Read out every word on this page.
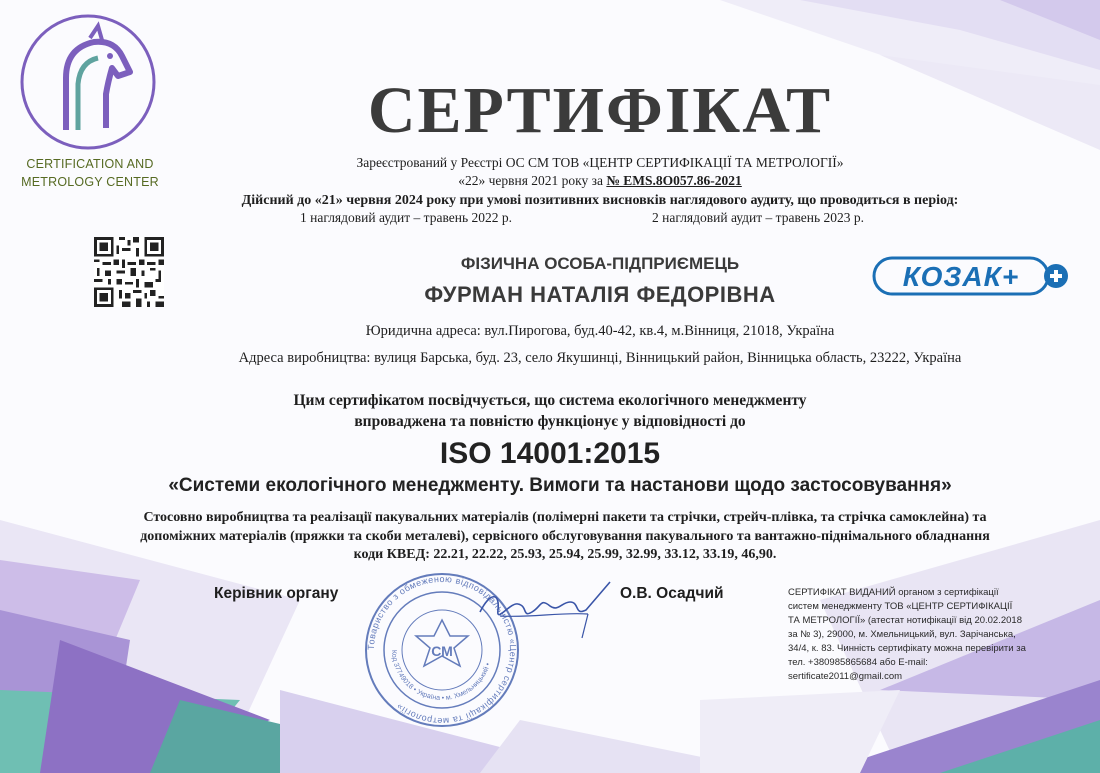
CERTIFICATION AND
METROLOGY CENTER
СЕРТИФІКАТ
Зареєстрований у Реєстрі ОС СМ ТОВ «ЦЕНТР СЕРТИФІКАЦІЇ ТА МЕТРОЛОГІЇ»
«22» червня 2021 року за № EMS.8O057.86-2021
Дійсний до «21» червня 2024 року при умові позитивних висновків наглядового аудиту, що проводиться в період:
1 наглядовий аудит – травень 2022 р.	2 наглядовий аудит – травень 2023 р.
ФІЗИЧНА ОСОБА-ПІДПРИЄМЕЦЬ
ФУРМАН НАТАЛІЯ ФЕДОРІВНА
КОЗАК+
Юридична адреса: вул.Пирогова, буд.40-42, кв.4, м.Вінниця, 21018, Україна
Адреса виробництва: вулиця Барська, буд. 23, село Якушинці, Вінницький район, Вінницька область, 23222, Україна
Цим сертифікатом посвідчується, що система екологічного менеджменту
впроваджена та повністю функціонує у відповідності до
ISO 14001:2015
«Системи екологічного менеджменту. Вимоги та настанови щодо застосовування»
Стосовно виробництва та реалізації пакувальних матеріалів (полімерні пакети та стрічки, стрейч-плівка, та стрічка самоклейна) та
допоміжних матеріалів (пряжки та скоби металеві), сервісного обслуговування пакувального та вантажно-піднімального обладнання
коди КВЕД: 22.21, 22.22, 25.93, 25.94, 25.99, 32.99, 33.12, 33.19, 46,90.
Товариство з обмеженою відповідальністю «Центр сертифікації та метрології»
Код 37749018 • Україна • м. Хмельницький •
СМ
Керівник органу	О.В. Осадчий	СЕРТИФІКАТ ВИДАНИЙ органом з сертифікації
систем менеджменту ТОВ «ЦЕНТР СЕРТИФІКАЦІЇ
ТА МЕТРОЛОГІЇ» (атестат нотифікації від 20.02.2018
за № 3), 29000, м. Хмельницький, вул. Зарічанська,
34/4, к. 83. Чинність сертифікату можна перевірити за
тел. +380985865684 або E-mail:
sertificate2011@gmail.com
